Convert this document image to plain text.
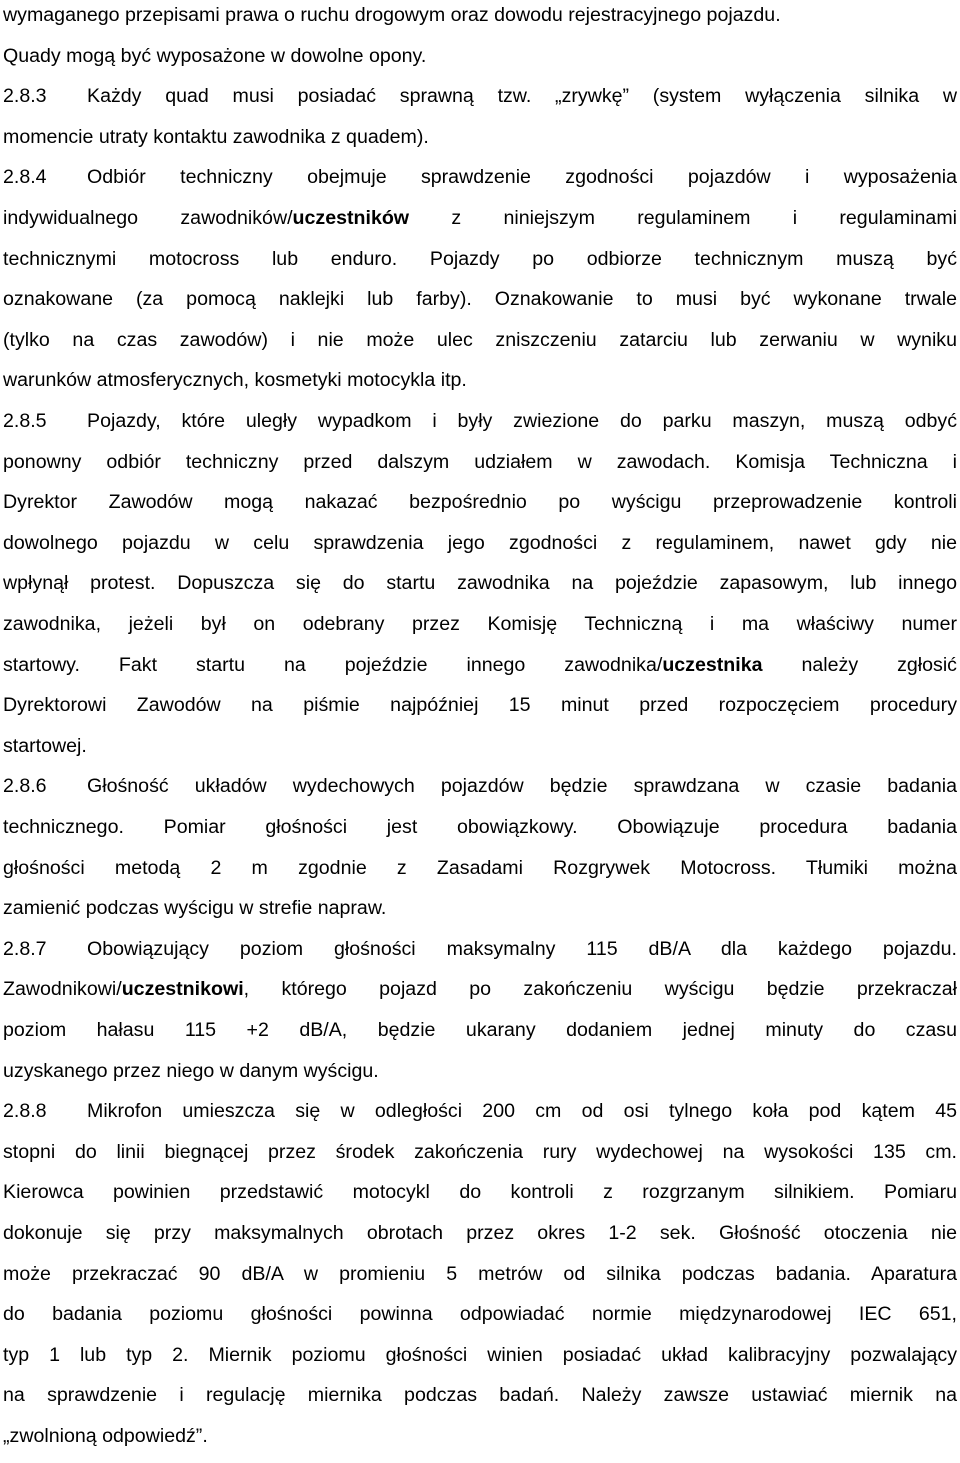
wymaganego przepisami prawa o ruchu drogowym oraz dowodu rejestracyjnego pojazdu.
Quady mogą być wyposażone w dowolne opony.
2.8.3 Każdy quad musi posiadać sprawną tzw. „zrywkę” (system wyłączenia silnika w
momencie utraty kontaktu zawodnika z quadem).
2.8.4 Odbiór techniczny obejmuje sprawdzenie zgodności pojazdów i wyposażenia
indywidualnego zawodników/uczestników z niniejszym regulaminem i regulaminami
technicznymi motocross lub enduro. Pojazdy po odbiorze technicznym muszą być
oznakowane (za pomocą naklejki lub farby). Oznakowanie to musi być wykonane trwale
(tylko na czas zawodów) i nie może ulec zniszczeniu zatarciu lub zerwaniu w wyniku
warunków atmosferycznych, kosmetyki motocykla itp.
2.8.5 Pojazdy, które uległy wypadkom i były zwiezione do parku maszyn, muszą odbyć
ponowny odbiór techniczny przed dalszym udziałem w zawodach. Komisja Techniczna i
Dyrektor Zawodów mogą nakazać bezpośrednio po wyścigu przeprowadzenie kontroli
dowolnego pojazdu w celu sprawdzenia jego zgodności z regulaminem, nawet gdy nie
wpłynął protest. Dopuszcza się do startu zawodnika na pojeździe zapasowym, lub innego
zawodnika, jeżeli był on odebrany przez Komisję Techniczną i ma właściwy numer
startowy. Fakt startu na pojeździe innego zawodnika/uczestnika należy zgłosić
Dyrektorowi Zawodów na piśmie najpóźniej 15 minut przed rozpoczęciem procedury
startowej.
2.8.6 Głośność układów wydechowych pojazdów będzie sprawdzana w czasie badania
technicznego. Pomiar głośności jest obowiązkowy. Obowiązuje procedura badania
głośności metodą 2 m zgodnie z Zasadami Rozgrywek Motocross. Tłumiki można
zamienić podczas wyścigu w strefie napraw.
2.8.7 Obowiązujący poziom głośności maksymalny 115 dB/A dla każdego pojazdu.
Zawodnikowi/uczestnikowi, którego pojazd po zakończeniu wyścigu będzie przekraczał
poziom hałasu 115 +2 dB/A, będzie ukarany dodaniem jednej minuty do czasu
uzyskanego przez niego w danym wyścigu.
2.8.8 Mikrofon umieszcza się w odległości 200 cm od osi tylnego koła pod kątem 45
stopni do linii biegnącej przez środek zakończenia rury wydechowej na wysokości 135 cm.
Kierowca powinien przedstawić motocykl do kontroli z rozgrzanym silnikiem. Pomiaru
dokonuje się przy maksymalnych obrotach przez okres 1-2 sek. Głośność otoczenia nie
może przekraczać 90 dB/A w promieniu 5 metrów od silnika podczas badania. Aparatura
do badania poziomu głośności powinna odpowiadać normie międzynarodowej IEC 651,
typ 1 lub typ 2. Miernik poziomu głośności winien posiadać układ kalibracyjny pozwalający
na sprawdzenie i regulację miernika podczas badań. Należy zawsze ustawiać miernik na
„zwolnioną odpowiedź”.
